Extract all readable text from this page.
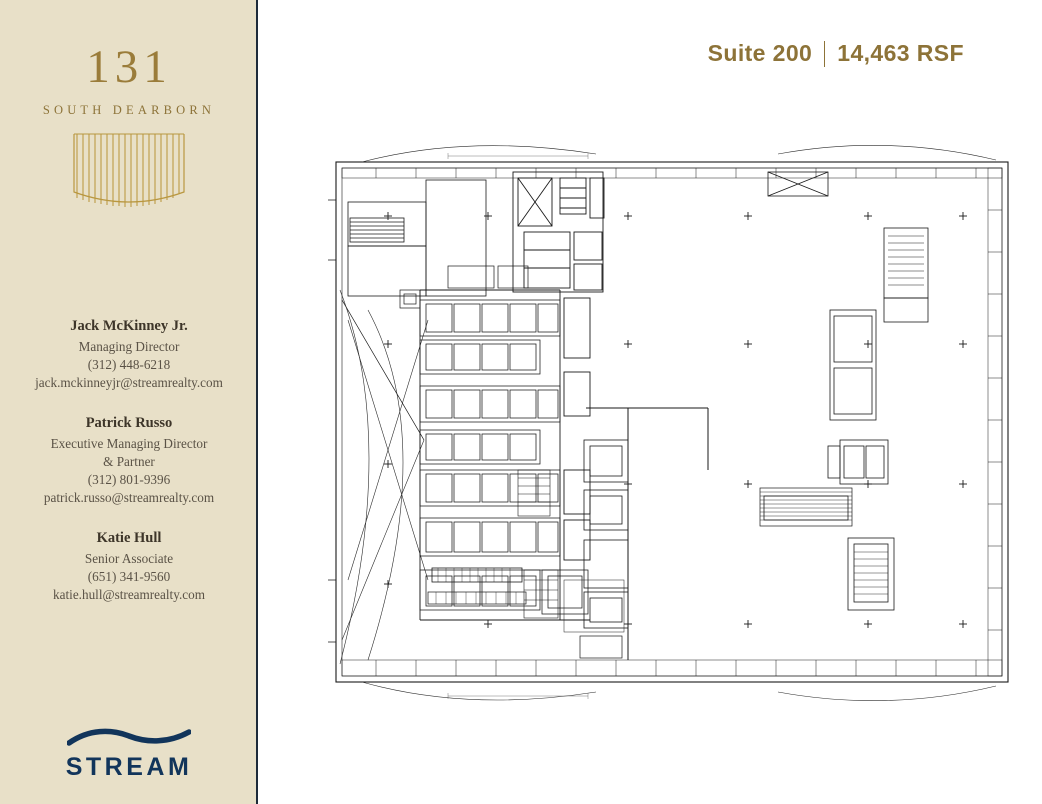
131
SOUTH DEARBORN
Jack McKinney Jr.
Managing Director
(312) 448-6218
jack.mckinneyjr@streamrealty.com
Patrick Russo
Executive Managing Director
& Partner
(312) 801-9396
patrick.russo@streamrealty.com
Katie Hull
Senior Associate
(651) 341-9560
katie.hull@streamrealty.com
STREAM
Suite 200 14,463 RSF
